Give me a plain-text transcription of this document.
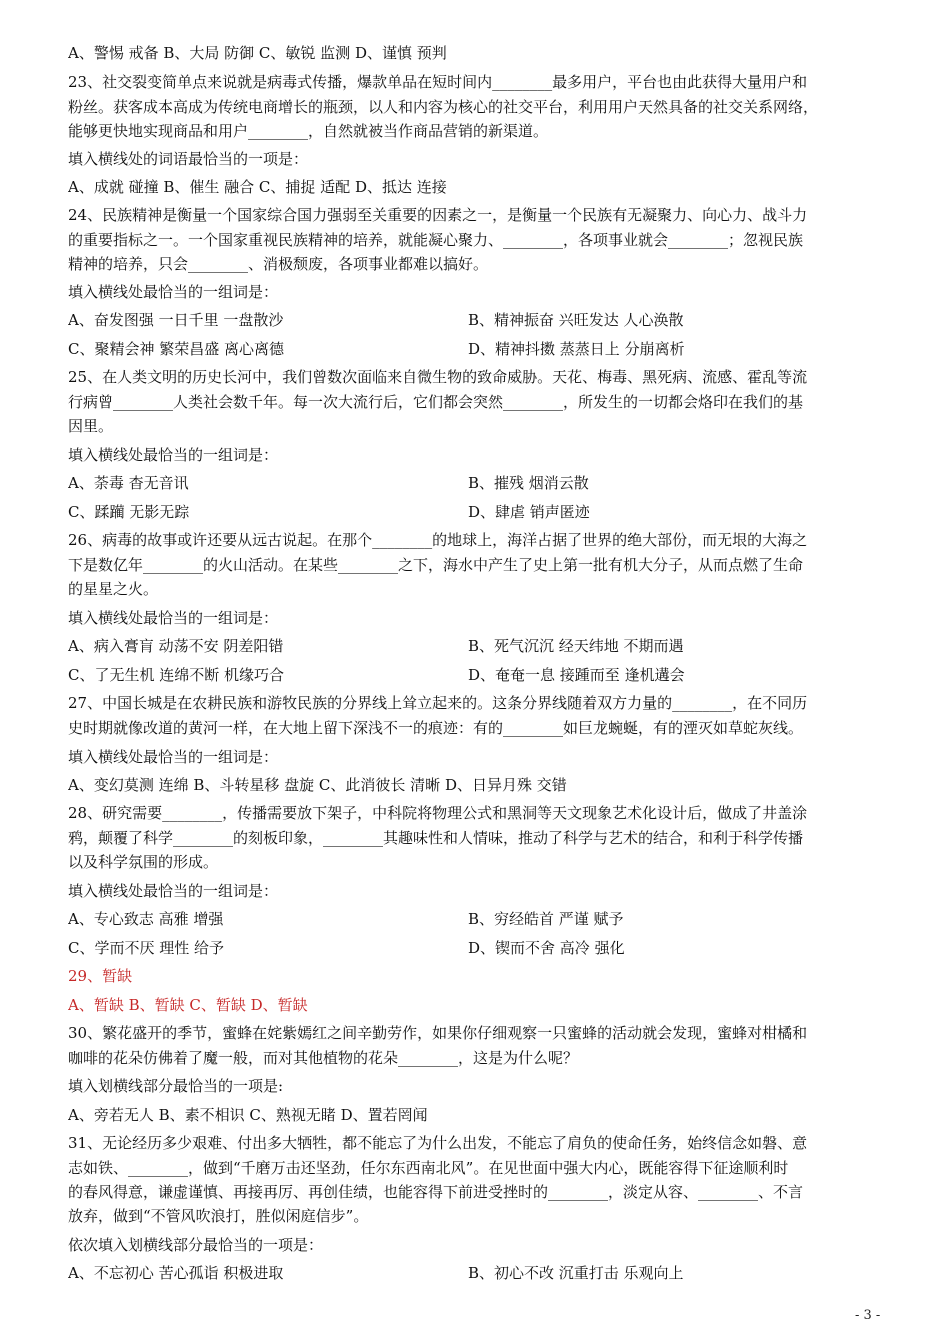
A、警惕 戒备 B、大局 防御 C、敏锐 监测 D、谨慎 预判
23、社交裂变简单点来说就是病毒式传播，爆款单品在短时间内________最多用户，平台也由此获得大量用户和
粉丝。获客成本高成为传统电商增长的瓶颈，以人和内容为核心的社交平台，利用用户天然具备的社交关系网络，
能够更快地实现商品和用户________，自然就被当作商品营销的新渠道。
填入横线处的词语最恰当的一项是：
A、成就 碰撞 B、催生 融合 C、捕捉 适配 D、抵达 连接
24、民族精神是衡量一个国家综合国力强弱至关重要的因素之一，是衡量一个民族有无凝聚力、向心力、战斗力
的重要指标之一。一个国家重视民族精神的培养，就能凝心聚力、________，各项事业就会________；忽视民族
精神的培养，只会________、消极颓废，各项事业都难以搞好。
填入横线处最恰当的一组词是：
A、奋发图强 一日千里 一盘散沙	B、精神振奋 兴旺发达 人心涣散
C、聚精会神 繁荣昌盛 离心离德	D、精神抖擞 蒸蒸日上 分崩离析
25、在人类文明的历史长河中，我们曾数次面临来自微生物的致命威胁。天花、梅毒、黑死病、流感、霍乱等流
行病曾________人类社会数千年。每一次大流行后，它们都会突然________，所发生的一切都会烙印在我们的基
因里。
填入横线处最恰当的一组词是：
A、荼毒 杳无音讯	B、摧残 烟消云散
C、蹂躏 无影无踪	D、肆虐 销声匿迹
26、病毒的故事或许还要从远古说起。在那个________的地球上，海洋占据了世界的绝大部份，而无垠的大海之
下是数亿年________的火山活动。在某些________之下，海水中产生了史上第一批有机大分子，从而点燃了生命
的星星之火。
填入横线处最恰当的一组词是：
A、病入膏肓 动荡不安 阴差阳错	B、死气沉沉 经天纬地 不期而遇
C、了无生机 连绵不断 机缘巧合	D、奄奄一息 接踵而至 逢机遘会
27、中国长城是在农耕民族和游牧民族的分界线上耸立起来的。这条分界线随着双方力量的________，在不同历
史时期就像改道的黄河一样，在大地上留下深浅不一的痕迹：有的________如巨龙蜿蜒，有的湮灭如草蛇灰线。
填入横线处最恰当的一组词是：
A、变幻莫测 连绵 B、斗转星移 盘旋 C、此消彼长 清晰 D、日异月殊 交错
28、研究需要________，传播需要放下架子，中科院将物理公式和黑洞等天文现象艺术化设计后，做成了井盖涂
鸦，颠覆了科学________的刻板印象，________其趣味性和人情味，推动了科学与艺术的结合，和利于科学传播
以及科学氛围的形成。
填入横线处最恰当的一组词是：
A、专心致志 高雅 增强	B、穷经皓首 严谨 赋予
C、学而不厌 理性 给予	D、锲而不舍 高冷 强化
29、暂缺
A、暂缺 B、暂缺 C、暂缺 D、暂缺
30、繁花盛开的季节，蜜蜂在姹紫嫣红之间辛勤劳作，如果你仔细观察一只蜜蜂的活动就会发现，蜜蜂对柑橘和
咖啡的花朵仿佛着了魔一般，而对其他植物的花朵________，这是为什么呢？
填入划横线部分最恰当的一项是:
A、旁若无人 B、素不相识 C、熟视无睹 D、置若罔闻
31、无论经历多少艰难、付出多大牺牲，都不能忘了为什么出发，不能忘了肩负的使命任务，始终信念如磐、意
志如铁、________，做到“千磨万击还坚劲，任尔东西南北风”。在见世面中强大内心，既能容得下征途顺利时
的春风得意，谦虚谨慎、再接再厉、再创佳绩，也能容得下前进受挫时的________，淡定从容、________、不言
放弃，做到“不管风吹浪打，胜似闲庭信步”。
依次填入划横线部分最恰当的一项是：
A、不忘初心 苦心孤诣 积极进取	B、初心不改 沉重打击 乐观向上
- 3 -
